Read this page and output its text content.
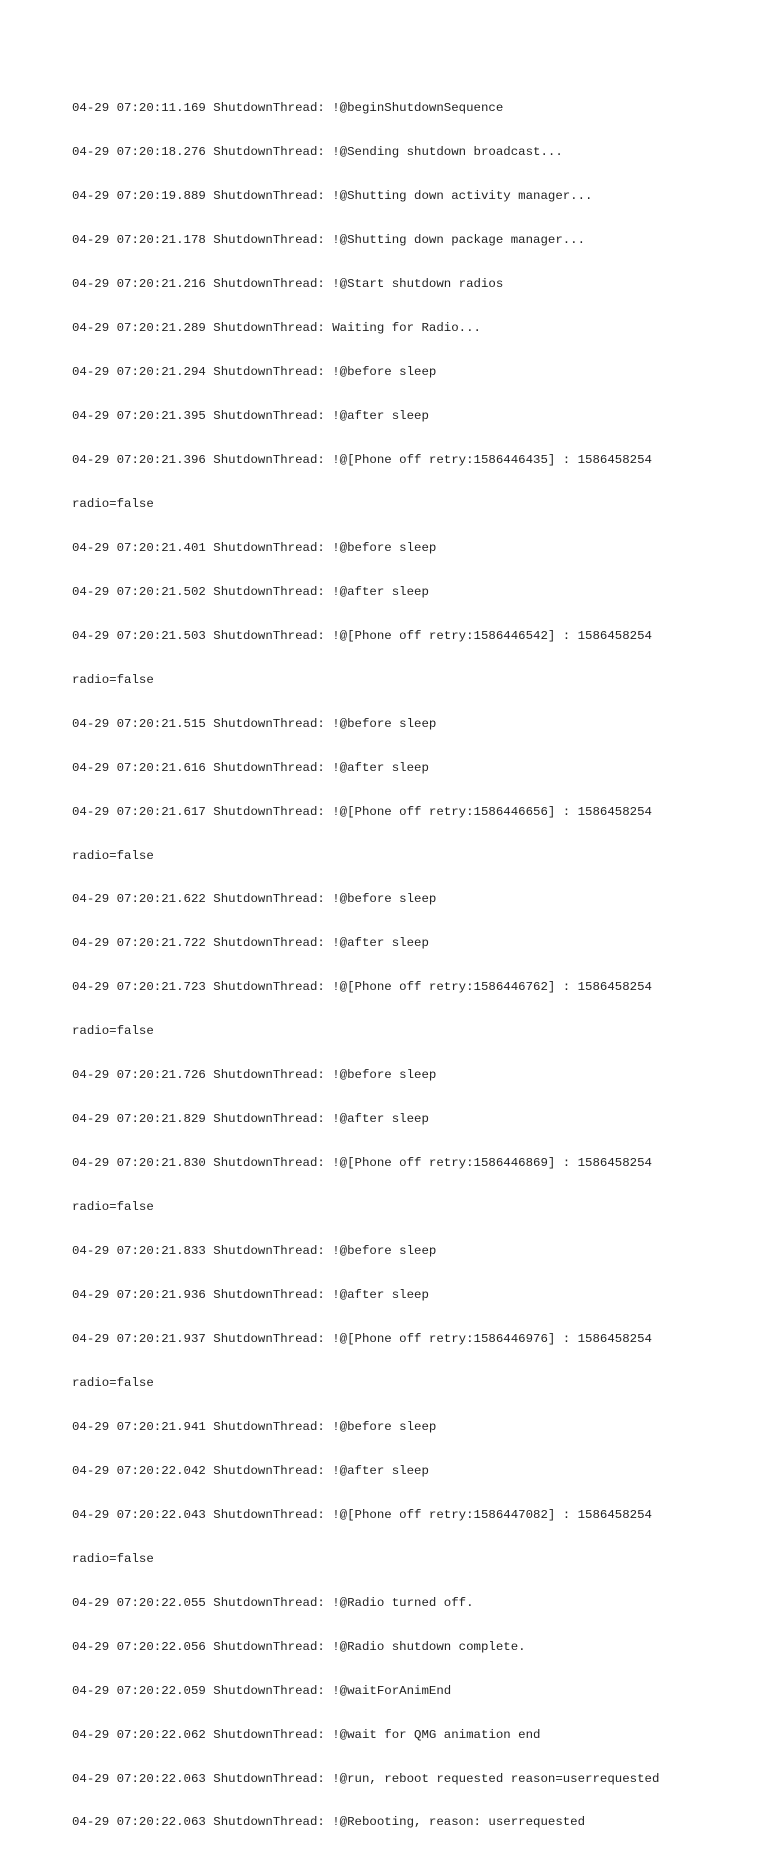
04-29 07:20:11.169 ShutdownThread: !@beginShutdownSequence

04-29 07:20:18.276 ShutdownThread: !@Sending shutdown broadcast...

04-29 07:20:19.889 ShutdownThread: !@Shutting down activity manager...

04-29 07:20:21.178 ShutdownThread: !@Shutting down package manager...

04-29 07:20:21.216 ShutdownThread: !@Start shutdown radios

04-29 07:20:21.289 ShutdownThread: Waiting for Radio...

04-29 07:20:21.294 ShutdownThread: !@before sleep

04-29 07:20:21.395 ShutdownThread: !@after sleep

04-29 07:20:21.396 ShutdownThread: !@[Phone off retry:1586446435] : 1586458254

radio=false

04-29 07:20:21.401 ShutdownThread: !@before sleep

04-29 07:20:21.502 ShutdownThread: !@after sleep

04-29 07:20:21.503 ShutdownThread: !@[Phone off retry:1586446542] : 1586458254

radio=false

04-29 07:20:21.515 ShutdownThread: !@before sleep

04-29 07:20:21.616 ShutdownThread: !@after sleep

04-29 07:20:21.617 ShutdownThread: !@[Phone off retry:1586446656] : 1586458254

radio=false

04-29 07:20:21.622 ShutdownThread: !@before sleep

04-29 07:20:21.722 ShutdownThread: !@after sleep

04-29 07:20:21.723 ShutdownThread: !@[Phone off retry:1586446762] : 1586458254

radio=false

04-29 07:20:21.726 ShutdownThread: !@before sleep

04-29 07:20:21.829 ShutdownThread: !@after sleep

04-29 07:20:21.830 ShutdownThread: !@[Phone off retry:1586446869] : 1586458254

radio=false

04-29 07:20:21.833 ShutdownThread: !@before sleep

04-29 07:20:21.936 ShutdownThread: !@after sleep

04-29 07:20:21.937 ShutdownThread: !@[Phone off retry:1586446976] : 1586458254

radio=false

04-29 07:20:21.941 ShutdownThread: !@before sleep

04-29 07:20:22.042 ShutdownThread: !@after sleep

04-29 07:20:22.043 ShutdownThread: !@[Phone off retry:1586447082] : 1586458254

radio=false

04-29 07:20:22.055 ShutdownThread: !@Radio turned off.

04-29 07:20:22.056 ShutdownThread: !@Radio shutdown complete.

04-29 07:20:22.059 ShutdownThread: !@waitForAnimEnd

04-29 07:20:22.062 ShutdownThread: !@wait for QMG animation end

04-29 07:20:22.063 ShutdownThread: !@run, reboot requested reason=userrequested

04-29 07:20:22.063 ShutdownThread: !@Rebooting, reason: userrequested
